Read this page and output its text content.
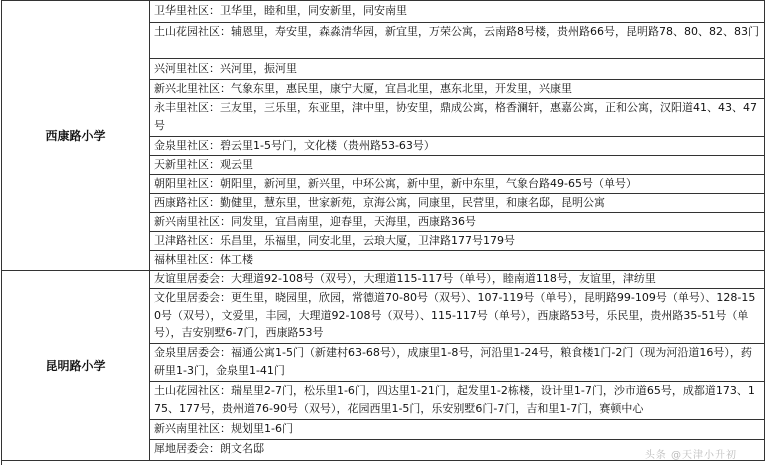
西康路小学
卫华里社区：卫华里，睦和里，同安新里，同安南里
土山花园社区：辅恩里，寿安里，森淼清华园，新宜里，万荣公寓，云南路8号楼，贵州路66号，昆明路78、80、82、83门
兴河里社区：兴河里，振河里
新兴北里社区：气象东里，惠民里，康宁大厦，宜昌北里，惠东北里，开发里，兴康里
永丰里社区：三友里，三乐里，东亚里，津中里，协安里，鼎成公寓，格香澜轩，惠嘉公寓，正和公寓，汉阳道41、43、47号
金泉里社区：碧云里1-5号门，文化楼（贵州路53-63号）
天新里社区：观云里
朝阳里社区：朝阳里，新河里，新兴里，中环公寓，新中里，新中东里，气象台路49-65号（单号）
西康路社区：勤健里，慧东里，世家新苑，京海公寓，同康里，民营里，和康名邸，昆明公寓
新兴南里社区：同发里，宜昌南里，迎春里，天海里，西康路36号
卫津路社区：乐昌里，乐福里，同安北里，云琅大厦，卫津路177号179号
福林里社区：体工楼
昆明路小学
友谊里居委会：大理道92-108号（双号），大理道115-117号（单号），睦南道118号，友谊里，津纺里
文化里居委会：更生里，晓园里，欣园，常德道70-80号（双号）、107-119号（单号），昆明路99-109号（单号）、128-150号（双号），文爱里，丰园，大理道92-108号（双号）、115-117号（单号），西康路53号，乐民里，贵州路35-51号（单号），吉安别墅6-7门，西康路53号
金泉里居委会：福通公寓1-5门（新建村63-68号），成康里1-8号，河沿里1-24号，粮食楼1门-2门（现为河沿道16号），药研里1-3门，金泉里1-41门
土山花园社区：瑞星里2-7门，松乐里1-6门，四达里1-21门，起发里1-2栋楼，设计里1-7门，沙市道65号，成都道173、175、177号，贵州道76-90号（双号），花园西里1-5门，乐安别墅6门-7门，吉和里1-7门，赛顿中心
新兴南里社区：规划里1-6门
犀地居委会：朗文名邸
头条 @天津小升初
